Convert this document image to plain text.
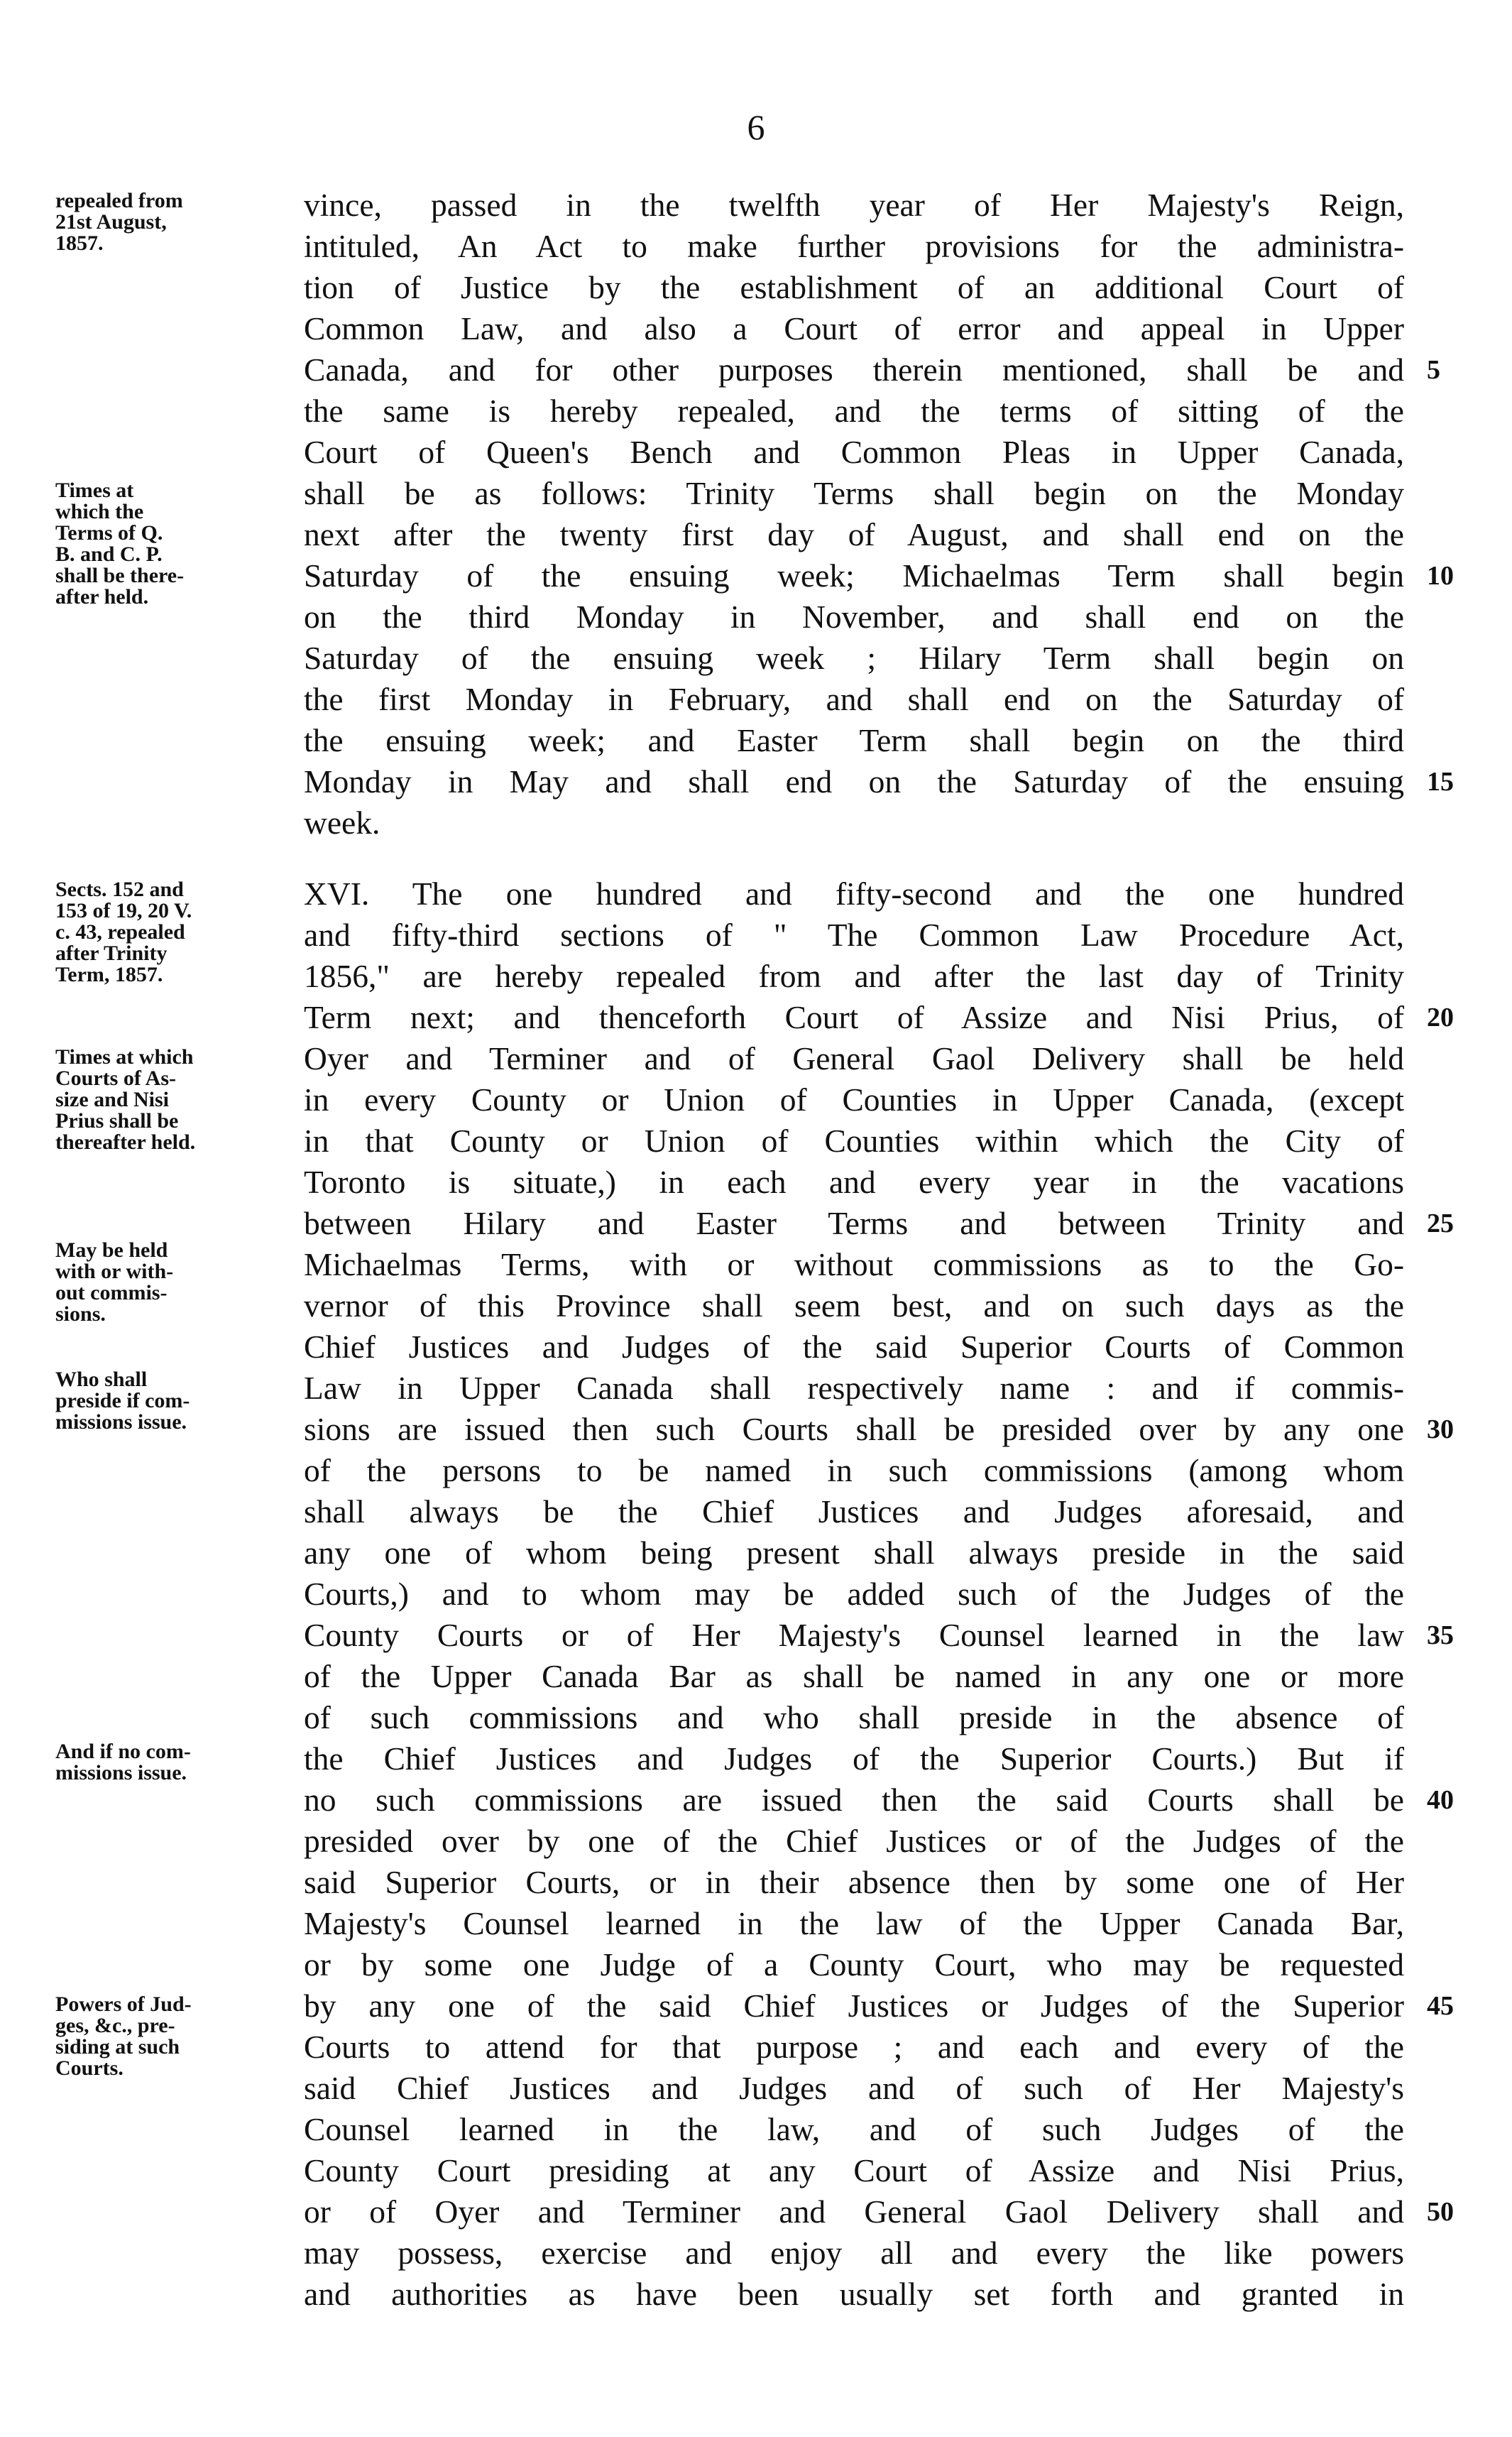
6
vince, passed in the twelfth year of Her Majesty's Reign,
intituled, An Act to make further provisions for the administra-
tion of Justice by the establishment of an additional Court of
Common Law, and also a Court of error and appeal in Upper
Canada, and for other purposes therein mentioned, shall be and
the same is hereby repealed, and the terms of sitting of the
Court of Queen's Bench and Common Pleas in Upper Canada,
shall be as follows: Trinity Terms shall begin on the Monday
next after the twenty first day of August, and shall end on the
Saturday of the ensuing week; Michaelmas Term shall begin
on the third Monday in November, and shall end on the
Saturday of the ensuing week ; Hilary Term shall begin on
the first Monday in February, and shall end on the Saturday of
the ensuing week; and Easter Term shall begin on the third
Monday in May and shall end on the Saturday of the ensuing
week.
XVI. The one hundred and fifty-second and the one hundred
and fifty-third sections of " The Common Law Procedure Act,
1856," are hereby repealed from and after the last day of Trinity
Term next; and thenceforth Court of Assize and Nisi Prius, of
Oyer and Terminer and of General Gaol Delivery shall be held
in every County or Union of Counties in Upper Canada, (except
in that County or Union of Counties within which the City of
Toronto is situate,) in each and every year in the vacations
between Hilary and Easter Terms and between Trinity and
Michaelmas Terms, with or without commissions as to the Go-
vernor of this Province shall seem best, and on such days as the
Chief Justices and Judges of the said Superior Courts of Common
Law in Upper Canada shall respectively name : and if commis-
sions are issued then such Courts shall be presided over by any one
of the persons to be named in such commissions (among whom
shall always be the Chief Justices and Judges aforesaid, and
any one of whom being present shall always preside in the said
Courts,) and to whom may be added such of the Judges of the
County Courts or of Her Majesty's Counsel learned in the law
of the Upper Canada Bar as shall be named in any one or more
of such commissions and who shall preside in the absence of
the Chief Justices and Judges of the Superior Courts.) But if
no such commissions are issued then the said Courts shall be
presided over by one of the Chief Justices or of the Judges of the
said Superior Courts, or in their absence then by some one of Her
Majesty's Counsel learned in the law of the Upper Canada Bar,
or by some one Judge of a County Court, who may be requested
by any one of the said Chief Justices or Judges of the Superior
Courts to attend for that purpose ; and each and every of the
said Chief Justices and Judges and of such of Her Majesty's
Counsel learned in the law, and of such Judges of the
County Court presiding at any Court of Assize and Nisi Prius,
or of Oyer and Terminer and General Gaol Delivery shall and
may possess, exercise and enjoy all and every the like powers
and authorities as have been usually set forth and granted in
5
10
15
20
25
30
35
40
45
50
repealed from
21st August,
1857.
Times at
which the
Terms of Q.
B. and C. P.
shall be there-
after held.
Sects. 152 and
153 of 19, 20 V.
c. 43, repealed
after Trinity
Term, 1857.
Times at which
Courts of As-
size and Nisi
Prius shall be
thereafter held.
May be held
with or with-
out commis-
sions.
Who shall
preside if com-
missions issue.
And if no com-
missions issue.
Powers of Jud-
ges, &c., pre-
siding at such
Courts.
